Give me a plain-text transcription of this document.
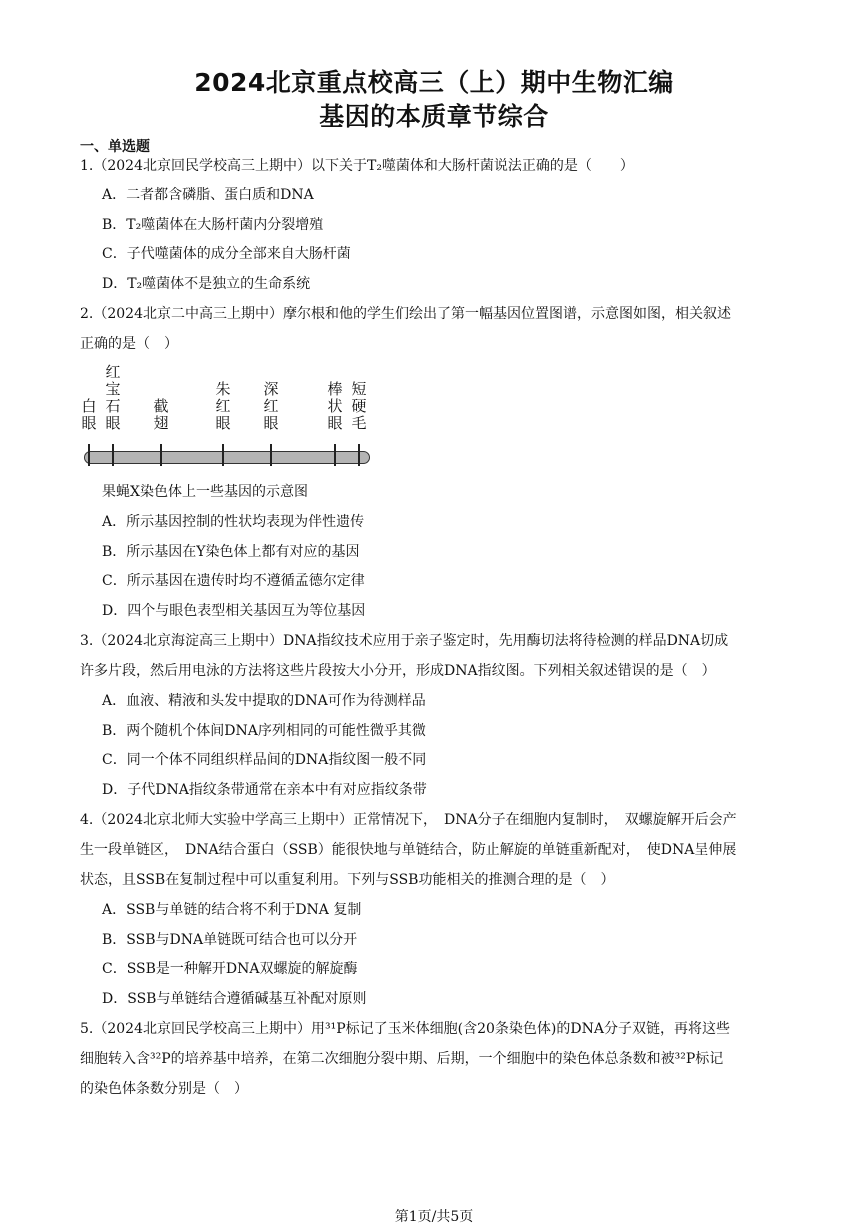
2024北京重点校高三（上）期中生物汇编
基因的本质章节综合
一、单选题
1.（2024北京回民学校高三上期中）以下关于T₂噬菌体和大肠杆菌说法正确的是（　　）
A．二者都含磷脂、蛋白质和DNA
B．T₂噬菌体在大肠杆菌内分裂增殖
C．子代噬菌体的成分全部来自大肠杆菌
D．T₂噬菌体不是独立的生命系统
2.（2024北京二中高三上期中）摩尔根和他的学生们绘出了第一幅基因位置图谱，示意图如图，相关叙述
正确的是（　）
白
眼
红
宝
石
眼
截
翅
朱
红
眼
深
红
眼
棒
状
眼
短
硬
毛
果蝇X染色体上一些基因的示意图
A．所示基因控制的性状均表现为伴性遗传
B．所示基因在Y染色体上都有对应的基因
C．所示基因在遗传时均不遵循孟德尔定律
D．四个与眼色表型相关基因互为等位基因
3.（2024北京海淀高三上期中）DNA指纹技术应用于亲子鉴定时，先用酶切法将待检测的样品DNA切成
许多片段，然后用电泳的方法将这些片段按大小分开，形成DNA指纹图。下列相关叙述错误的是（　）
A．血液、精液和头发中提取的DNA可作为待测样品
B．两个随机个体间DNA序列相同的可能性微乎其微
C．同一个体不同组织样品间的DNA指纹图一般不同
D．子代DNA指纹条带通常在亲本中有对应指纹条带
4.（2024北京北师大实验中学高三上期中）正常情况下，　DNA分子在细胞内复制时，　双螺旋解开后会产
生一段单链区，　DNA结合蛋白（SSB）能很快地与单链结合，防止解旋的单链重新配对，　使DNA呈伸展
状态，且SSB在复制过程中可以重复利用。下列与SSB功能相关的推测合理的是（　）
A．SSB与单链的结合将不利于DNA 复制
B．SSB与DNA单链既可结合也可以分开
C．SSB是一种解开DNA双螺旋的解旋酶
D．SSB与单链结合遵循碱基互补配对原则
5.（2024北京回民学校高三上期中）用³¹P标记了玉米体细胞(含20条染色体)的DNA分子双链，再将这些
细胞转入含³²P的培养基中培养，在第二次细胞分裂中期、后期，一个细胞中的染色体总条数和被³²P标记
的染色体条数分别是（　）
第1页/共5页
